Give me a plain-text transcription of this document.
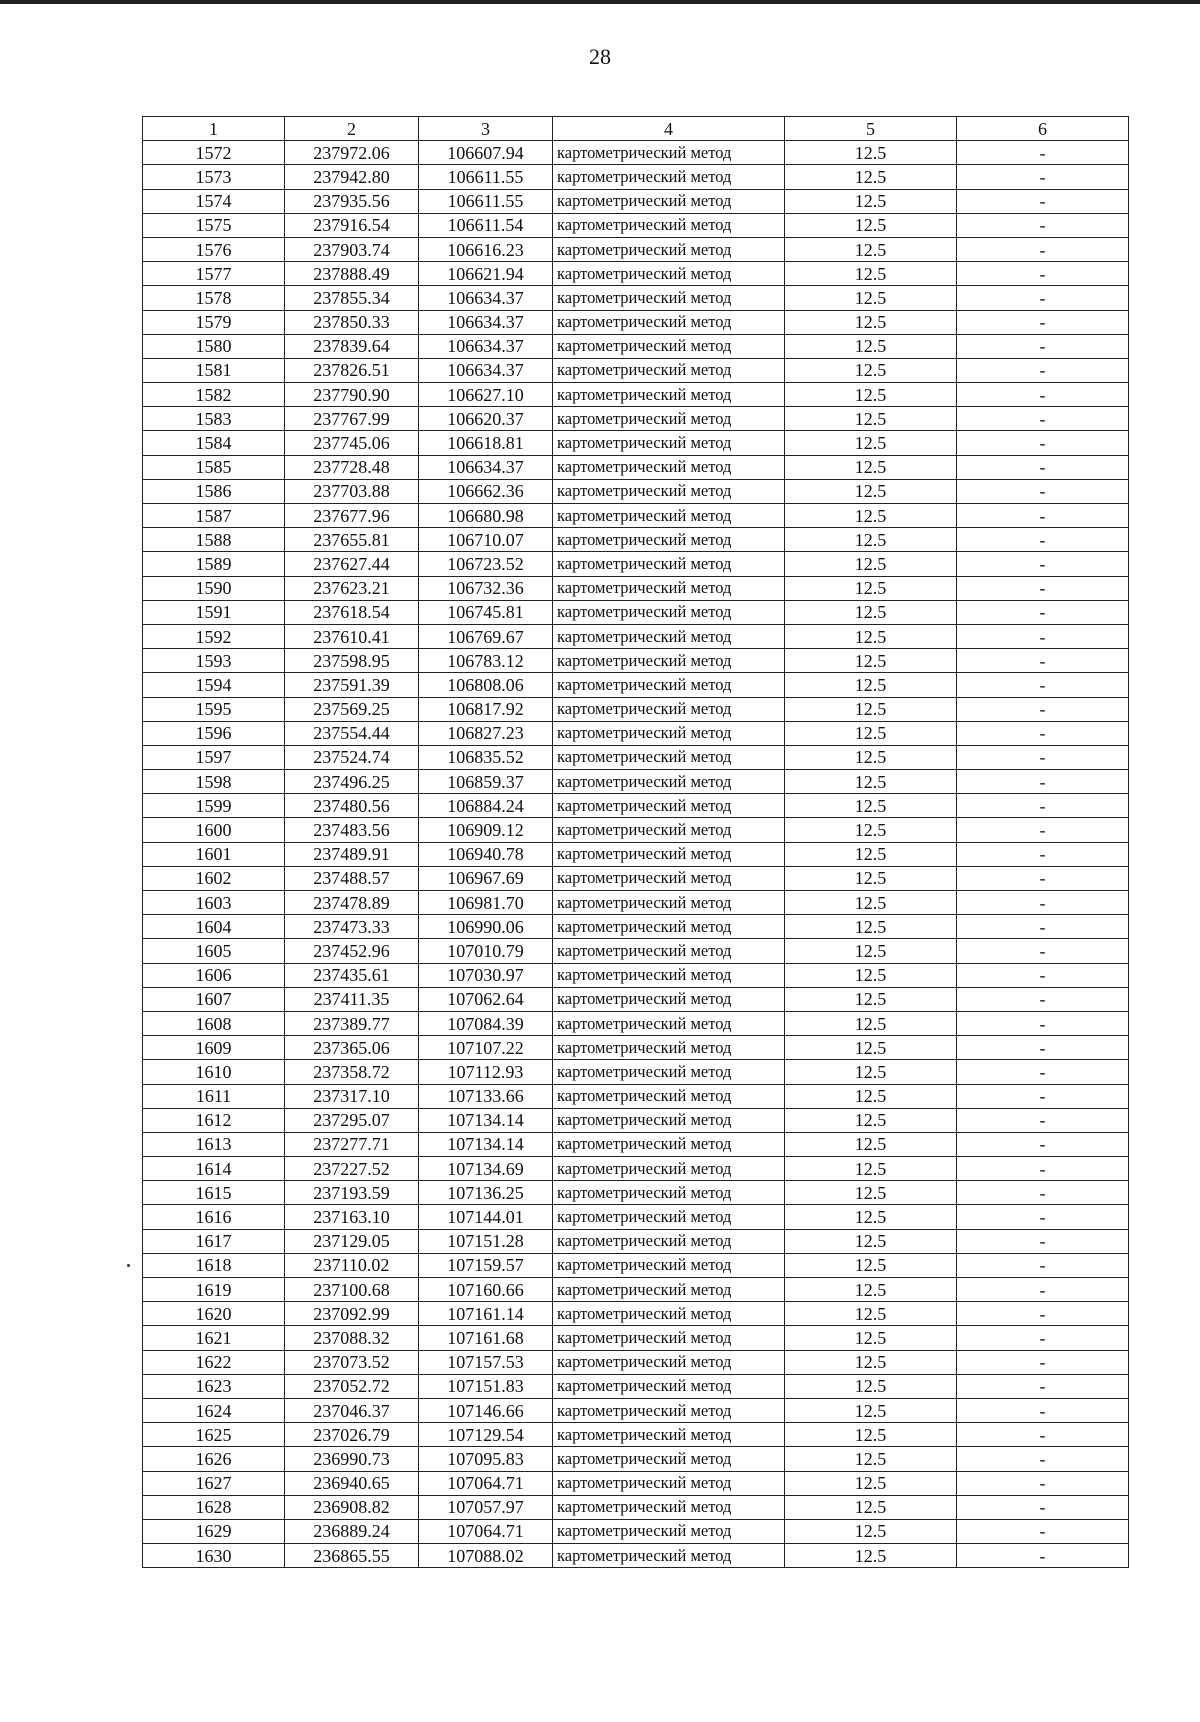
28
1	2	3	4	5	6
1572	237972.06	106607.94	картометрический метод	12.5	-
1573	237942.80	106611.55	картометрический метод	12.5	-
1574	237935.56	106611.55	картометрический метод	12.5	-
1575	237916.54	106611.54	картометрический метод	12.5	-
1576	237903.74	106616.23	картометрический метод	12.5	-
1577	237888.49	106621.94	картометрический метод	12.5	-
1578	237855.34	106634.37	картометрический метод	12.5	-
1579	237850.33	106634.37	картометрический метод	12.5	-
1580	237839.64	106634.37	картометрический метод	12.5	-
1581	237826.51	106634.37	картометрический метод	12.5	-
1582	237790.90	106627.10	картометрический метод	12.5	-
1583	237767.99	106620.37	картометрический метод	12.5	-
1584	237745.06	106618.81	картометрический метод	12.5	-
1585	237728.48	106634.37	картометрический метод	12.5	-
1586	237703.88	106662.36	картометрический метод	12.5	-
1587	237677.96	106680.98	картометрический метод	12.5	-
1588	237655.81	106710.07	картометрический метод	12.5	-
1589	237627.44	106723.52	картометрический метод	12.5	-
1590	237623.21	106732.36	картометрический метод	12.5	-
1591	237618.54	106745.81	картометрический метод	12.5	-
1592	237610.41	106769.67	картометрический метод	12.5	-
1593	237598.95	106783.12	картометрический метод	12.5	-
1594	237591.39	106808.06	картометрический метод	12.5	-
1595	237569.25	106817.92	картометрический метод	12.5	-
1596	237554.44	106827.23	картометрический метод	12.5	-
1597	237524.74	106835.52	картометрический метод	12.5	-
1598	237496.25	106859.37	картометрический метод	12.5	-
1599	237480.56	106884.24	картометрический метод	12.5	-
1600	237483.56	106909.12	картометрический метод	12.5	-
1601	237489.91	106940.78	картометрический метод	12.5	-
1602	237488.57	106967.69	картометрический метод	12.5	-
1603	237478.89	106981.70	картометрический метод	12.5	-
1604	237473.33	106990.06	картометрический метод	12.5	-
1605	237452.96	107010.79	картометрический метод	12.5	-
1606	237435.61	107030.97	картометрический метод	12.5	-
1607	237411.35	107062.64	картометрический метод	12.5	-
1608	237389.77	107084.39	картометрический метод	12.5	-
1609	237365.06	107107.22	картометрический метод	12.5	-
1610	237358.72	107112.93	картометрический метод	12.5	-
1611	237317.10	107133.66	картометрический метод	12.5	-
1612	237295.07	107134.14	картометрический метод	12.5	-
1613	237277.71	107134.14	картометрический метод	12.5	-
1614	237227.52	107134.69	картометрический метод	12.5	-
1615	237193.59	107136.25	картометрический метод	12.5	-
1616	237163.10	107144.01	картометрический метод	12.5	-
1617	237129.05	107151.28	картометрический метод	12.5	-
1618	237110.02	107159.57	картометрический метод	12.5	-
1619	237100.68	107160.66	картометрический метод	12.5	-
1620	237092.99	107161.14	картометрический метод	12.5	-
1621	237088.32	107161.68	картометрический метод	12.5	-
1622	237073.52	107157.53	картометрический метод	12.5	-
1623	237052.72	107151.83	картометрический метод	12.5	-
1624	237046.37	107146.66	картометрический метод	12.5	-
1625	237026.79	107129.54	картометрический метод	12.5	-
1626	236990.73	107095.83	картометрический метод	12.5	-
1627	236940.65	107064.71	картометрический метод	12.5	-
1628	236908.82	107057.97	картометрический метод	12.5	-
1629	236889.24	107064.71	картометрический метод	12.5	-
1630	236865.55	107088.02	картометрический метод	12.5	-
